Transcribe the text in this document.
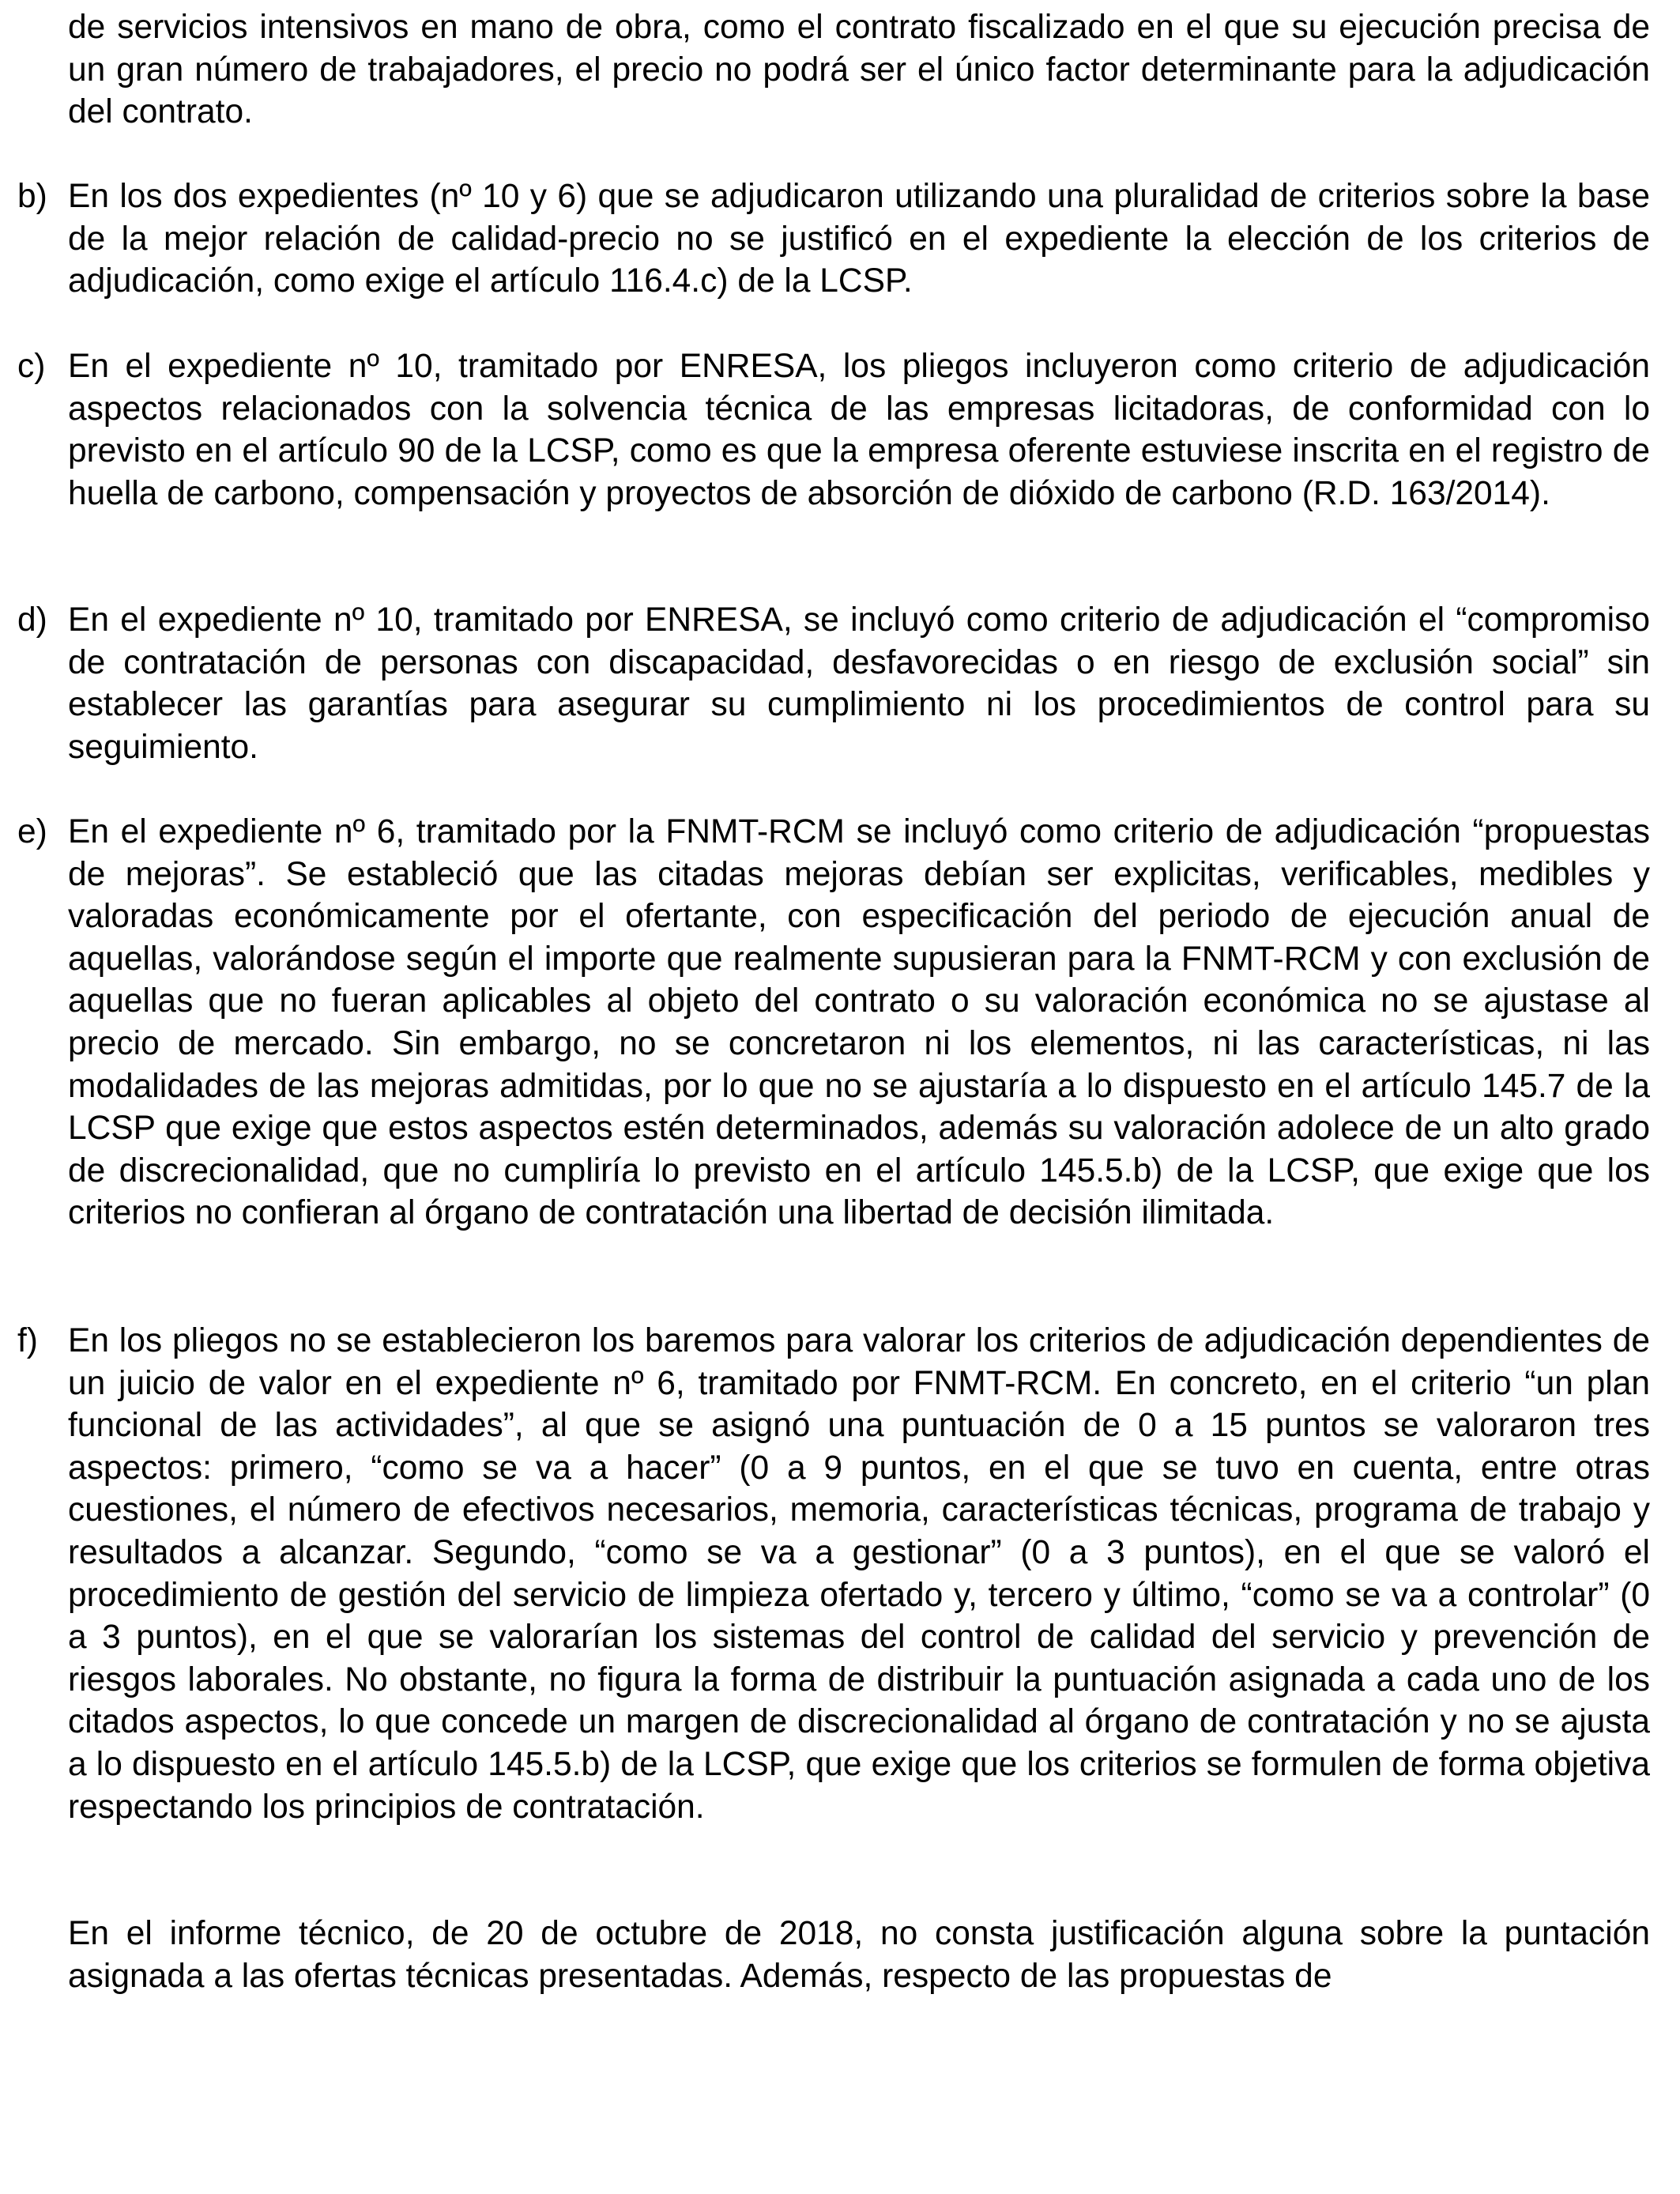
de servicios intensivos en mano de obra, como el contrato fiscalizado en el que su ejecución precisa de un gran número de trabajadores, el precio no podrá ser el único factor determinante para la adjudicación del contrato.

b) En los dos expedientes (nº 10 y 6) que se adjudicaron utilizando una pluralidad de criterios sobre la base de la mejor relación de calidad-precio no se justificó en el expediente la elección de los criterios de adjudicación, como exige el artículo 116.4.c) de la LCSP.
c) En el expediente nº 10, tramitado por ENRESA, los pliegos incluyeron como criterio de adjudicación aspectos relacionados con la solvencia técnica de las empresas licitadoras, de conformidad con lo previsto en el artículo 90 de la LCSP, como es que la empresa oferente estuviese inscrita en el registro de huella de carbono, compensación y proyectos de absorción de dióxido de carbono (R.D. 163/2014).
d) En el expediente nº 10, tramitado por ENRESA, se incluyó como criterio de adjudicación el “compromiso de contratación de personas con discapacidad, desfavorecidas o en riesgo de exclusión social” sin establecer las garantías para asegurar su cumplimiento ni los procedimientos de control para su seguimiento.
e) En el expediente nº 6, tramitado por la FNMT-RCM se incluyó como criterio de adjudicación “propuestas de mejoras”. Se estableció que las citadas mejoras debían ser explicitas, verificables, medibles y valoradas económicamente por el ofertante, con especificación del periodo de ejecución anual de aquellas, valorándose según el importe que realmente supusieran para la FNMT-RCM y con exclusión de aquellas que no fueran aplicables al objeto del contrato o su valoración económica no se ajustase al precio de mercado. Sin embargo, no se concretaron ni los elementos, ni las características, ni las modalidades de las mejoras admitidas, por lo que no se ajustaría a lo dispuesto en el artículo 145.7 de la LCSP que exige que estos aspectos estén determinados, además su valoración adolece de un alto grado de discrecionalidad, que no cumpliría lo previsto en el artículo 145.5.b) de la LCSP, que exige que los criterios no confieran al órgano de contratación una libertad de decisión ilimitada.
f) En los pliegos no se establecieron los baremos para valorar los criterios de adjudicación dependientes de un juicio de valor en el expediente nº 6, tramitado por FNMT-RCM. En concreto, en el criterio “un plan funcional de las actividades”, al que se asignó una puntuación de 0 a 15 puntos se valoraron tres aspectos: primero, “como se va a hacer” (0 a 9 puntos, en el que se tuvo en cuenta, entre otras cuestiones, el número de efectivos necesarios, memoria, características técnicas, programa de trabajo y resultados a alcanzar. Segundo, “como se va a gestionar” (0 a 3 puntos), en el que se valoró el procedimiento de gestión del servicio de limpieza ofertado y, tercero y último, “como se va a controlar” (0 a 3 puntos), en el que se valorarían los sistemas del control de calidad del servicio y prevención de riesgos laborales. No obstante, no figura la forma de distribuir la puntuación asignada a cada uno de los citados aspectos, lo que concede un margen de discrecionalidad al órgano de contratación y no se ajusta a lo dispuesto en el artículo 145.5.b) de la LCSP, que exige que los criterios se formulen de forma objetiva respectando los principios de contratación.

En el informe técnico, de 20 de octubre de 2018, no consta justificación alguna sobre la puntación asignada a las ofertas técnicas presentadas. Además, respecto de las propuestas de
